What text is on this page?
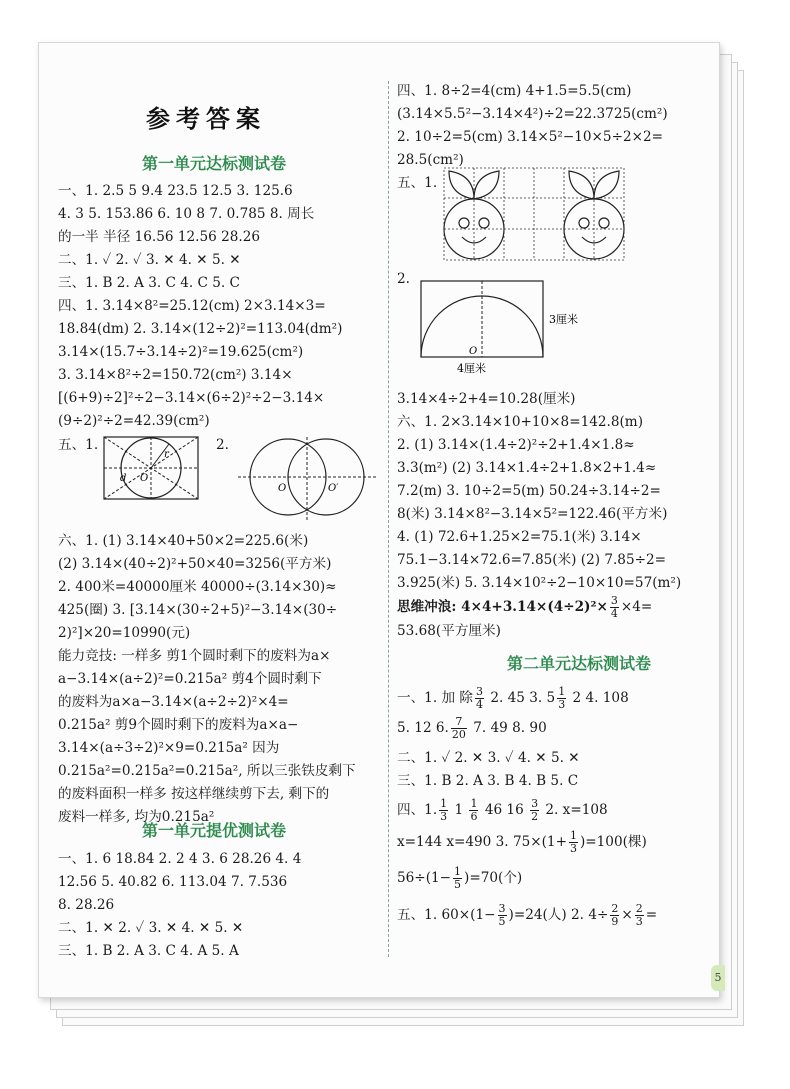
参考答案
第一单元达标测试卷
一、1. 2.5 5 9.4 23.5 12.5 3. 125.6
4. 3 5. 153.86 6. 10 8 7. 0.785 8. 周长
的一半 半径 16.56 12.56 28.26
二、1. ✓ 2. ✓ 3. ✕ 4. ✕ 5. ✕
三、1. B 2. A 3. C 4. C 5. C
四、1. 3.14×8²=25.12(cm) 2×3.14×3=
18.84(dm) 2. 3.14×(12÷2)²=113.04(dm²)
3.14×(15.7÷3.14÷2)²=19.625(cm²)
3. 3.14×8²÷2=150.72(cm²) 3.14×
[(6+9)÷2]²÷2−3.14×(6÷2)²÷2−3.14×
(9÷2)²÷2=42.39(cm²)
五、1.
r
d O
2.
O	O′
六、1. (1) 3.14×40+50×2=225.6(米)
(2) 3.14×(40÷2)²+50×40=3256(平方米)
2. 400米=40000厘米 40000÷(3.14×30)≈
425(圈) 3. [3.14×(30÷2+5)²−3.14×(30÷
2)²]×20=10990(元)
能力竞技: 一样多 剪1个圆时剩下的废料为a×
a−3.14×(a÷2)²=0.215a² 剪4个圆时剩下
的废料为a×a−3.14×(a÷2÷2)²×4=
0.215a² 剪9个圆时剩下的废料为a×a−
3.14×(a÷3÷2)²×9=0.215a² 因为
0.215a²=0.215a²=0.215a², 所以三张铁皮剩下
的废料面积一样多 按这样继续剪下去, 剩下的
废料一样多, 均为0.215a²
第一单元提优测试卷
一、1. 6 18.84 2. 2 4 3. 6 28.26 4. 4
12.56 5. 40.82 6. 113.04 7. 7.536
8. 28.26
二、1. ✕ 2. ✓ 3. ✕ 4. ✕ 5. ✕
三、1. B 2. A 3. C 4. A 5. A
四、1. 8÷2=4(cm) 4+1.5=5.5(cm)
(3.14×5.5²−3.14×4²)÷2=22.3725(cm²)
2. 10÷2=5(cm) 3.14×5²−10×5÷2×2=
28.5(cm²)
五、1.
2.
O
3厘米
4厘米
3.14×4÷2+4=10.28(厘米)
六、1. 2×3.14×10+10×8=142.8(m)
2. (1) 3.14×(1.4÷2)²÷2+1.4×1.8≈
3.3(m²) (2) 3.14×1.4÷2+1.8×2+1.4≈
7.2(m) 3. 10÷2=5(m) 50.24÷3.14÷2=
8(米) 3.14×8²−3.14×5²=122.46(平方米)
4. (1) 72.6+1.25×2=75.1(米) 3.14×
75.1−3.14×72.6=7.85(米) (2) 7.85÷2=
3.925(米) 5. 3.14×10²÷2−10×10=57(m²)
思维冲浪: $4\times 4+3.14\times(4\div 2)^2\times \frac{3}{4} \times 4=$
53.68(平方厘米)
第二单元达标测试卷
一、1. 加 除 $\frac{3}{4} 2$. 45 3. $5 \frac{1}{3} 2$ 4. 108
5. 12 6. $\frac{7}{20} 7$. 49 8. 90
二、1. ✓ 2. ✕ 3. ✓ 4. ✕ 5. ✕
三、1. B 2. A 3. B 4. B 5. C
四、1. $\frac{1}{3} 1 \frac{1}{6} 46$ $16 \frac{3}{2} 2$. x=108
x=144 x=490 3. $75\times(1+ \frac{1}{3} )=100$(棵)
$56\div(1- \frac{1}{5} )=70$(个)
五、1. $60\times(1- \frac{3}{5} )=24$(人) 2. $4\div \frac{2}{9} \times \frac{2}{3}$ =
5
